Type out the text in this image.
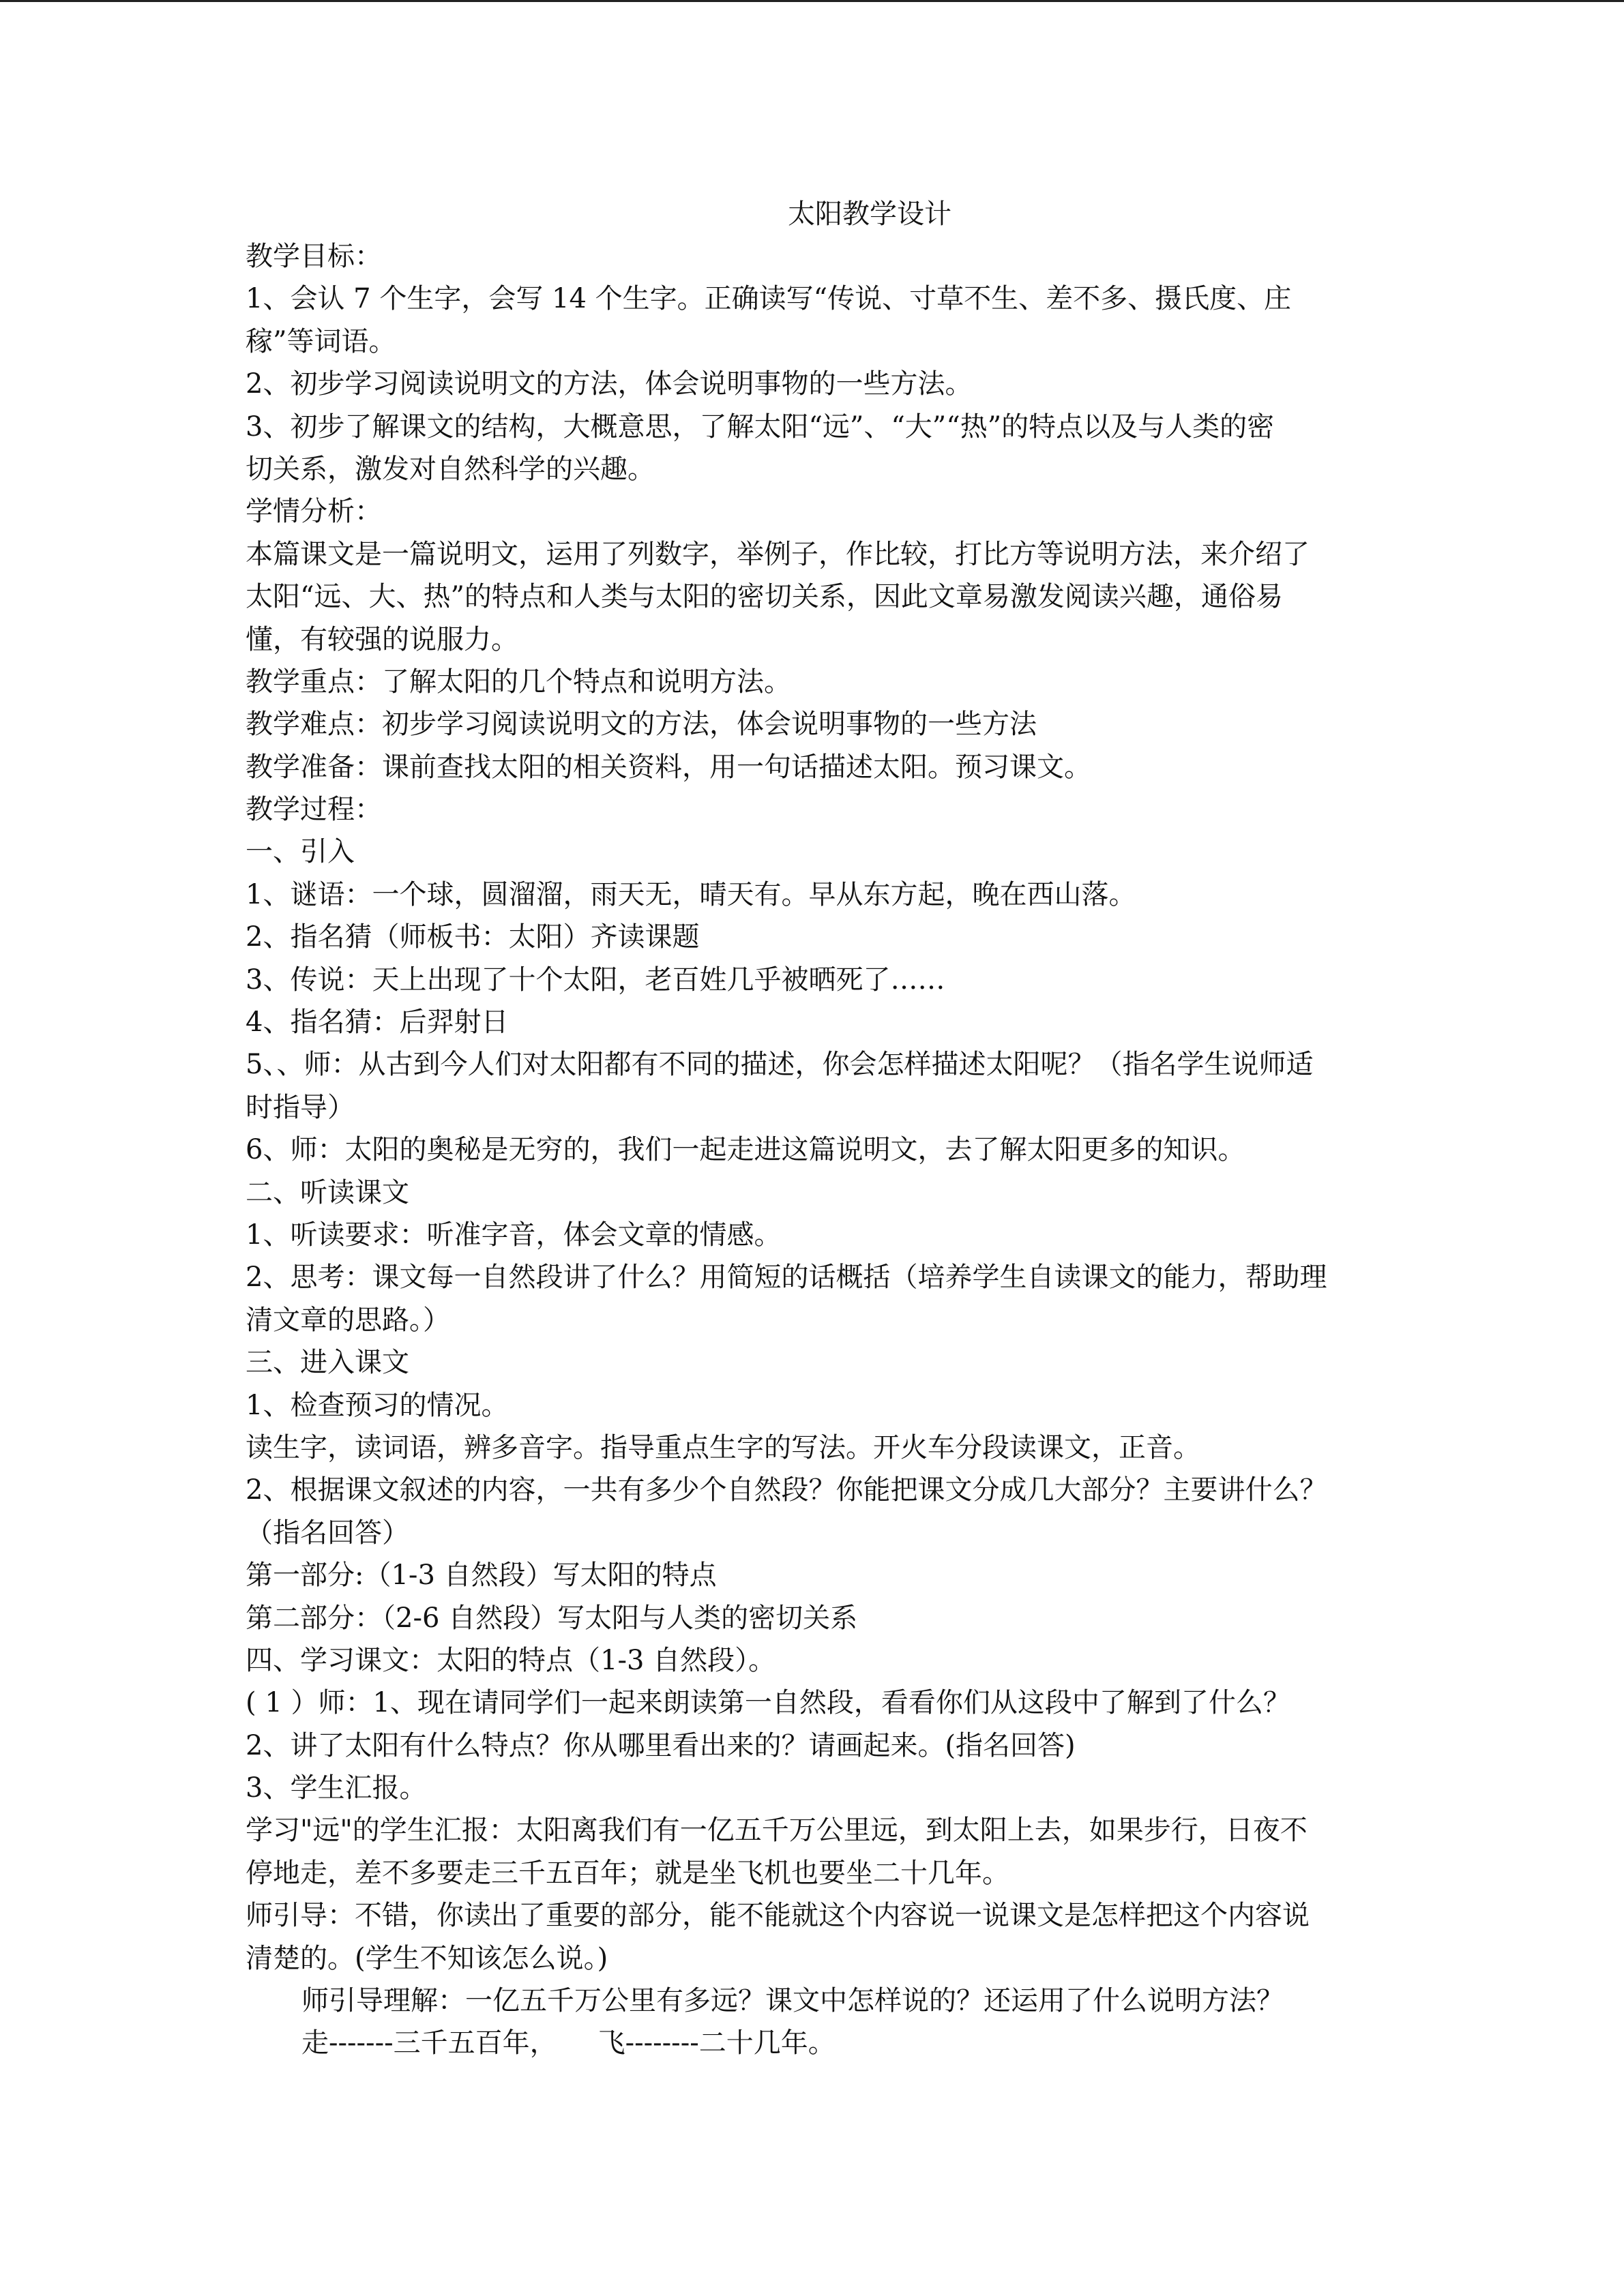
太阳教学设计

教学目标：

1、会认 7 个生字，会写 14 个生字。正确读写“传说、寸草不生、差不多、摄氏度、庄

稼”等词语。

2、初步学习阅读说明文的方法，体会说明事物的一些方法。

3、初步了解课文的结构，大概意思，了解太阳“远”、“大”“热”的特点以及与人类的密

切关系，激发对自然科学的兴趣。

学情分析：

本篇课文是一篇说明文，运用了列数字，举例子，作比较，打比方等说明方法，来介绍了

太阳“远、大、热”的特点和人类与太阳的密切关系，因此文章易激发阅读兴趣，通俗易

懂，有较强的说服力。

教学重点：了解太阳的几个特点和说明方法。

教学难点：初步学习阅读说明文的方法，体会说明事物的一些方法

教学准备：课前查找太阳的相关资料，用一句话描述太阳。预习课文。

教学过程：

一、引入

1、谜语：一个球，圆溜溜，雨天无，晴天有。早从东方起，晚在西山落。

2、指名猜（师板书：太阳）齐读课题

3、传说：天上出现了十个太阳，老百姓几乎被晒死了……

4、指名猜：后羿射日

5、、师：从古到今人们对太阳都有不同的描述，你会怎样描述太阳呢？（指名学生说师适

时指导）

6、师：太阳的奥秘是无穷的，我们一起走进这篇说明文，去了解太阳更多的知识。

二、听读课文

1、听读要求：听准字音，体会文章的情感。

2、思考：课文每一自然段讲了什么？用简短的话概括（培养学生自读课文的能力，帮助理

清文章的思路。）

三、进入课文

1、检查预习的情况。

读生字，读词语，辨多音字。指导重点生字的写法。开火车分段读课文，正音。

2、根据课文叙述的内容，一共有多少个自然段？你能把课文分成几大部分？主要讲什么？

（指名回答）

第一部分:（1-3 自然段）写太阳的特点

第二部分：（2-6 自然段）写太阳与人类的密切关系

四、学习课文：太阳的特点（1-3 自然段）。

( 1 ）师：1、现在请同学们一起来朗读第一自然段，看看你们从这段中了解到了什么？

2、讲了太阳有什么特点？你从哪里看出来的？请画起来。(指名回答)

3、学生汇报。

学习"远"的学生汇报：太阳离我们有一亿五千万公里远，到太阳上去，如果步行，日夜不

停地走，差不多要走三千五百年；就是坐飞机也要坐二十几年。

师引导：不错，你读出了重要的部分，能不能就这个内容说一说课文是怎样把这个内容说

清楚的。(学生不知该怎么说。)

师引导理解：一亿五千万公里有多远？课文中怎样说的？还运用了什么说明方法？

走-------三千五百年，　　飞--------二十几年。
